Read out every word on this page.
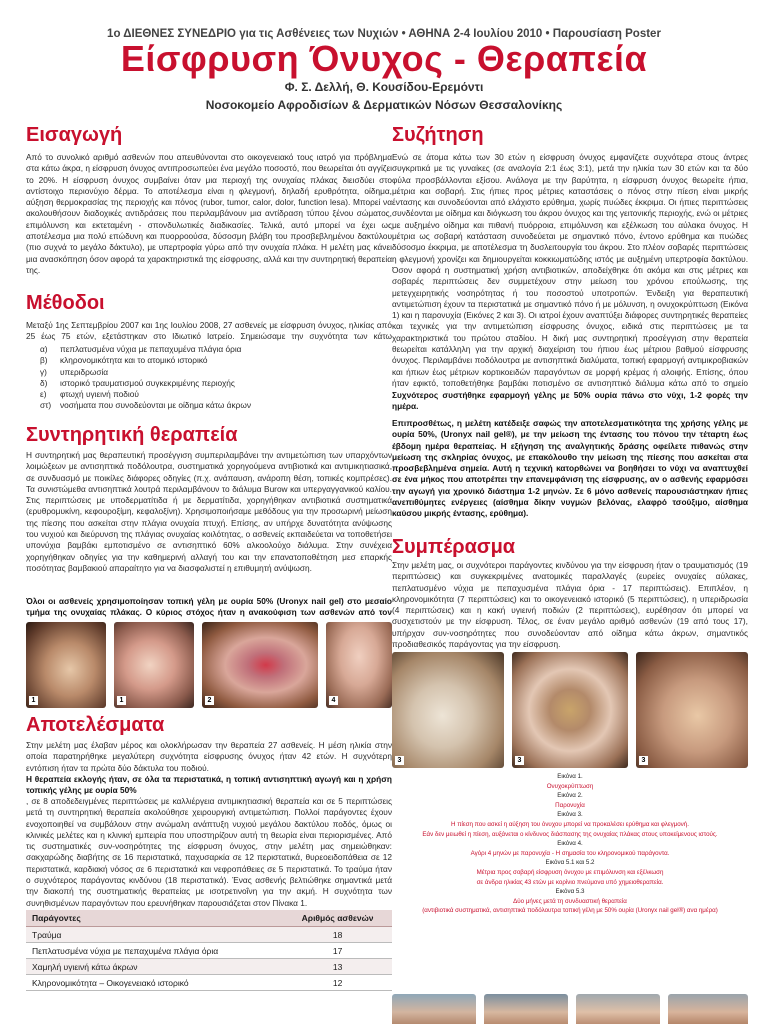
1ο ΔΙΕΘΝΕΣ ΣΥΝΕΔΡΙΟ για τις Ασθένειες των Νυχιών • ΑΘΗΝΑ 2-4 Ιουλίου 2010 • Παρουσίαση Poster
Είσφρυση Όνυχος - Θεραπεία
Φ. Σ. Δελλή, Θ. Κουσίδου-Ερεμόντι
Νοσοκομείο Αφροδισίων & Δερματικών Νόσων Θεσσαλονίκης
Εισαγωγή
Από το συνολικό αριθμό ασθενών που απευθύνονται στο οικογενειακό τους ιατρό για πρόβλημα στα κάτω άκρα, η είσφρυση όνυχος αντιπροσωπεύει ένα μεγάλο ποσοστό, που θεωρείται ότι αγγίζει το 20%. Η είσφρυση όνυχος συμβαίνει όταν μια περιοχή της ονυχαίας πλάκας διεισδύει στο αντίστοιχο περιονύχιο δέρμα. Το αποτέλεσμα είναι η φλεγμονή, δηλαδή ερυθρότητα, οίδημα, αύξηση θερμοκρασίας της περιοχής και πόνος (rubor, tumor, calor, dolor, function lesa). Μπορεί να ακολουθήσουν διαδοχικές αντιδράσεις που περιλαμβάνουν μια αντίδραση τύπου ξένου σώματος, επιμόλυνση και εκτεταμένη - σπονδυλωτικές διαδικασίες. Τελικά, αυτό μπορεί να έχει ως αποτέλεσμα μια πολύ επώδυνη και πυορροούσα, δύσοσμη βλάβη του προσβεβλημένου δακτύλου (πιο συχνά το μεγάλο δάκτυλο), με υπερτροφία γύρω από την ονυχαία πλάκα. Η μελέτη μας κάνει μια ανασκόπηση όσον αφορά τα χαρακτηριστικά της είσφρυσης, αλλά και την συντηρητική θεραπεία της.
Μέθοδοι
Μεταξύ 1ης Σεπτεμβρίου 2007 και 1ης Ιουλίου 2008, 27 ασθενείς με είσφρυση όνυχος, ηλικίας από 25 έως 75 ετών, εξετάστηκαν στο Ιδιωτικό Ιατρείο. Σημειώσαμε την συχνότητα των κάτω
α) πεπλατυσμένα νύχια με πεπαχυμένα πλάγια όρια
β) κληρονομικότητα και το ατομικό ιστορικό
γ) υπεριδρωσία
δ) ιστορικό τραυματισμού συγκεκριμένης περιοχής
ε) φτωχή υγιεινή ποδιού
στ) νοσήματα που συνοδεύονται με οίδημα κάτω άκρων
Συντηρητική θεραπεία
Η συντηρητική μας θεραπευτική προσέγγιση συμπεριλαμβάνει την αντιμετώπιση των υπαρχόντων λοιμώξεων με αντισηπτικά ποδόλουτρα, συστηματικά χορηγούμενα αντιβιοτικά και αντιμικητιασικά, σε συνδυασμό με ποικίλες διάφορες οδηγίες (π.χ. ανάπαυση, ανάροπη θέση, τοπικές κομπρέσες). Τα συνιστώμεθα αντισηπτικά λουτρά περιλαμβάνουν το διάλυμα Burow και υπεργαγγανικού καλίου. Στις περιπτώσεις με υποδερματίτιδα ή με δερματίτιδα, χορηγήθηκαν αντιβιοτικά συστηματικά (ερυθρομυκίνη, κεφουροξίμη, κεφαλοξίνη). Χρησιμοποιήσαμε μεθόδους για την προσωρινή μείωση της πίεσης που ασκείται στην πλάγια ονυχαία πτυχή. Επίσης, αν υπήρχε δυνατότητα ανύψωσης του νυχιού και διεύρυνση της πλάγιας ονυχαίας κοιλότητας, ο ασθενείς εκπαιδεύεται να τοποθετήσει υπονύχια βαμβάκι εμποτισμένο σε αντισηπτικό 60% αλκοολούχο διάλυμα. Στην συνέχεια χορηγήθηκαν οδηγίες για την καθημερινή αλλαγή του και την επανατοποθέτηση μεσ επαρκής ποσότητας βαμβακιού απαραίτητο για να διασφαλιστεί η επιθυμητή ανύψωση.
Όλοι οι ασθενείς χρησιμοποίησαν τοπική γέλη με ουρία 50% (Uronyx nail gel) στο μεσαίο τμήμα της ονυχαίας πλάκας. Ο κύριος στόχος ήταν η ανακούφιση των ασθενών από τον
1	1	2	4
Αποτελέσματα
Στην μελέτη μας έλαβαν μέρος και ολοκλήρωσαν την θεραπεία 27 ασθενείς. Η μέση ηλικία στην οποία παρατηρήθηκε μεγαλύτερη συχνότητα είσφρυσης όνυχος ήταν 42 ετών. Η συχνότερη εντόπιση ήταν τα πρώτα δύο δάκτυλα του ποδιού.
Η θεραπεία εκλογής ήταν, σε όλα τα περιστατικά, η τοπική αντισηπτική αγωγή και η χρήση τοπικής γέλης με ουρία 50%
, σε 8 αποδεδειγμένες περιπτώσεις με καλλιέργεια αντιμικητιασική θεραπεία και σε 5 περιπτώσεις μετά τη συντηρητική θεραπεία ακολούθησε χειρουργική αντιμετώπιση. Πολλοί παράγοντες έχουν ενοχοποιηθεί να συμβάλουν στην ανώμαλη ανάπτυξη νυχιού μεγάλου δακτύλου ποδός, όμως οι κλινικές μελέτες και η κλινική εμπειρία που υποστηρίζουν αυτή τη θεωρία είναι περιορισμένες. Από τις συστηματικές συν-νοσηρότητες της είσφρυση όνυχος, στην μελέτη μας σημειώθηκαν: σακχαρώδης διαβήτης σε 16 περιστατικά, παχυσαρκία σε 12 περιστατικά, θυρεοειδοπάθεια σε 12 περιστατικά, καρδιακή νόσος σε 6 περιστατικά και νεφροπάθειες σε 5 περιστατικά. Το τραύμα ήταν ο συχνότερος παράγοντας κινδύνου (18 περιστατικά). Ένας ασθενής βελτιώθηκε σημαντικά μετά την διακοπή της συστηματικής θεραπείας με ισοτρετινοΐνη για την ακμή. Η συχνότητα των συνηθισμένων παραγόντων που ερευνήθηκαν παρουσιάζεται στον Πίνακα 1.
Παράγοντες	Αριθμός ασθενών
Τραύμα	18
Πεπλατυσμένα νύχια με πεπαχυμένα πλάγια όρια	17
Χαμηλή υγιεινή κάτω άκρων	13
Κληρονομικότητα – Οικογενειακό ιστορικό	12
Συζήτηση
Ενώ σε άτομα κάτω των 30 ετών η είσφρυση όνυχος εμφανίζετε συχνότερα στους άντρες συγκριτικά με τις γυναίκες (σε αναλογία 2:1 έως 3:1), μετά την ηλικία των 30 ετών και τα δύο φύλα προσβάλλονται εξίσου. Ανάλογα με την βαρύτητα, η είσφρυση όνυχος θεωρείτε ήπια, μέτρια και σοβαρή. Στις ήπιες προς μέτριες καταστάσεις ο πόνος στην πίεση είναι μικρής έντασης και συνοδεύονται από ελάχιστο ερύθημα, χωρίς πυώδες έκκριμα. Οι ήπιες περιπτώσεις συνδέονται με οίδημα και διόγκωση του άκρου όνυχος και της γειτονικής περιοχής, ενώ οι μέτριες με αυξημένο οίδημα και πιθανή πυόρροια, επιμόλυνση και εξέλκωση του αύλακα όνυχος. Η μέτρια ως σοβαρή κατάσταση συνοδεύεται με σημαντικό πόνο, έντονο ερύθημα και πυώδες δύσοσμο έκκριμα, με αποτέλεσμα τη δυσλειτουργία του άκρου. Στο πλέον σοβαρές περιπτώσεις η φλεγμονή χρονίζει και δημιουργείται κοκκιωματώδης ιστός με αυξημένη υπερτροφία δακτύλου. Όσον αφορά η συστηματική χρήση αντιβιοτικών, αποδείχθηκε ότι ακόμα και στις μέτριες και σοβαρές περιπτώσεις δεν συμμετέχουν στην μείωση του χρόνου επούλωσης, της μετεγχειρητικής νοσηρότητας ή του ποσοστού υποτροπών. Ένδειξη για θεραπευτική αντιμετώπιση έχουν τα περιστατικά με σημαντικό πόνο ή με μόλυνση, η ονυχοκρύπτωση (Εικόνα 1) και η παρονυχία (Εικόνες 2 και 3). Οι ιατροί έχουν αναπτύξει διάφορες συντηρητικές θεραπείες και τεχνικές για την αντιμετώπιση είσφρυσης όνυχος, ειδικά στις περιπτώσεις με τα χαρακτηριστικά του πρώτου σταδίου. Η δική μας συντηρητική προσέγγιση στην θεραπεία θεωρείται κατάλληλη για την αρχική διαχείριση του ήπιου έως μέτριου βαθμού είσφρυσης όνυχος. Περιλαμβάνει ποδόλουτρα με αντισηπτικά διαλύματα, τοπική εφαρμογή αντιμικροβιακών και ήπιων έως μέτριων κορτικοειδών παραγόντων σε μορφή κρέμας ή αλοιφής. Επίσης, όπου ήταν εφικτό, τοποθετήθηκε βαμβάκι ποτισμένο σε αντισηπτικό διάλυμα κάτω από το σημείο
Συχνότερος συστήθηκε εφαρμογή γέλης με 50% ουρία πάνω στο νύχι, 1-2 φορές την ημέρα.
Επιπροσθέτως, η μελέτη κατέδειξε σαφώς την αποτελεσματικότητα της χρήσης γέλης με ουρία 50%, (Uronyx nail gel®), με την μείωση της έντασης του πόνου την τέταρτη έως έβδομη ημέρα θεραπείας. Η εξήγηση της αναλγητικής δράσης οφείλετε πιθανώς στην μείωση της σκληρίας όνυχος, με επακόλουθο την μείωση της πίεσης που ασκείται στα προσβεβλημένα σημεία. Αυτή η τεχνική κατορθώνει να βοηθήσει το νύχι να αναπτυχθεί σε ένα μήκος που αποτρέπει την επανεμφάνιση της είσφρυσης, αν ο ασθενής εφαρμόσει την αγωγή για χρονικό διάστημα 1-2 μηνών. Σε 6 μόνο ασθενείς παρουσιάστηκαν ήπιες ανεπιθύμητες ενέργειες (αίσθημα δίκην νυγμών βελόνας, ελαφρό τσούξιμο, αίσθημα καύσου μικρής έντασης, ερύθημα).
Συμπέρασμα
Στην μελέτη μας, οι συχνότεροι παράγοντες κινδύνου για την είσφρυση ήταν ο τραυματισμός (19 περιπτώσεις) και συγκεκριμένες ανατομικές παραλλαγές (ευρείες ονυχαίες αύλακες, πεπλατυσμένο νύχια με πεπαχυσμένα πλάγια όρια - 17 περιπτώσεις). Επιπλέον, η κληρονομικότητα (7 περιπτώσεις) και το οικογενειακό ιστορικό (5 περιπτώσεις), η υπεριδρωσία (4 περιπτώσεις) και η κακή υγιεινή ποδιών (2 περιπτώσεις), ευρέθησαν ότι μπορεί να συσχετιστούν με την είσφρυση. Τέλος, σε έναν μεγάλο αριθμό ασθενών (19 από τους 17), υπήρχαν συν-νοσηρότητες που συνοδεύονταν από οίδημα κάτω άκρων, σημαντικός προδιαθεσικός παράγοντας για την είσφρυση.
3	3	3
Εικόνα 1.
Ονυχοκρύπτωση
Εικόνα 2.
Παρονυχία
Εικόνα 3.
Η πίεση που ασκεί η αύξηση του όνυχου μπορεί να προκαλέσει ερύθημα και φλεγμονή.
Εάν δεν μειωθεί η πίεση, αυξάνεται ο κίνδυνος διάσπασης της ονυχαίας πλάκας στους υποκείμενους ιστούς.
Εικόνα 4.
Αγόρι 4 μηνών με παρονυχία - Η σημασία του κληρονομικού παράγοντα.
Εικόνα 5.1 και 5.2
Μέτρια προς σοβαρή είσφρυση όνυχου με επιμόλυνση και εξέλκωση
σε άνδρα ηλικίας 43 ετών με κορίνιο πνεύμονα υπό χημειοθεραπεία.
Εικόνα 5.3
Δύο μήνες μετά τη συνδυαστική θεραπεία
(αντιβιοτικά συστηματικά, αντισηπτικά ποδόλουτρα τοπική γέλη με 50% ουρία (Uronyx nail gel®) ανα ημέρα)
